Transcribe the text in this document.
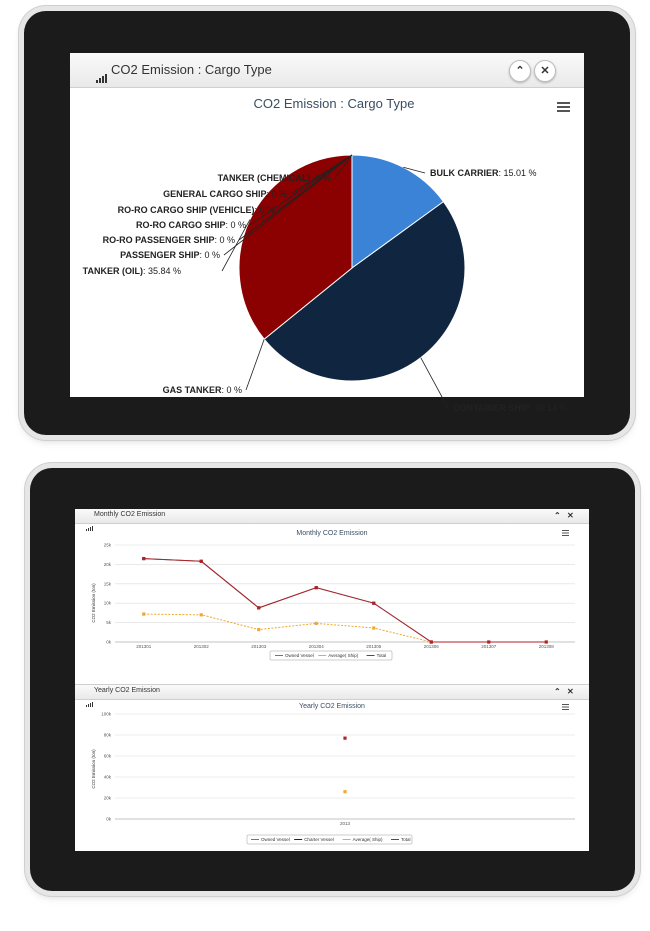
CO2 Emission : Cargo Type	⌃	✕
CO2 Emission : Cargo Type
BULK CARRIER: 15.01 %
CONTAINER SHIP: 49.14 %
GAS TANKER: 0 %
TANKER (OIL): 35.84 %
PASSENGER SHIP: 0 %
RO-RO PASSENGER SHIP: 0 %
RO-RO CARGO SHIP: 0 %
RO-RO CARGO SHIP (VEHICLE): 0 %
GENERAL CARGO SHIP: 0 %
TANKER (CHEMICAL): 0 %
Monthly CO2 Emission	⌃ ✕
Monthly CO2 Emission
CO2 Emission (ton)
0k
5k
10k
15k
20k
25k
201301	201302	201303	201304	201305	201306	201307	201308
Owned Vessel	Average( Ship)	Total
Yearly CO2 Emission	⌃ ✕
Yearly CO2 Emission
CO2 Emission (ton)
0k
20k
40k
60k
80k
100k
2013
Owned Vessel	Charter Vessel	Average( Ship)	Total
